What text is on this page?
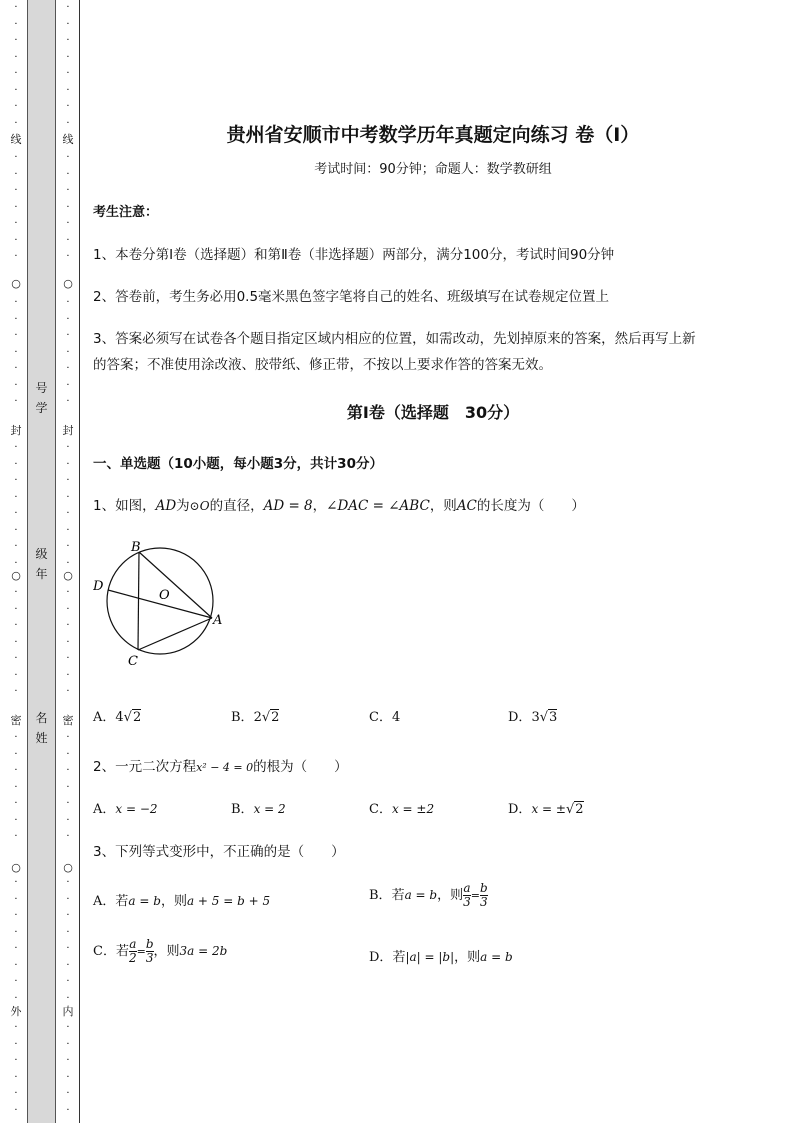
·
·
·
·
·
·
·
·
·
·
·
·
·
·
·
·
·
·
·
·
·
·
·
·
·
·
·
·
·
·
·
·
·
·
·
·
·
·
·
·
·
·
·
·
·
·
·
·
·
·
·
·
·
·
·
·
·
·
线
○
封
○
密
○
外
号
学
级
年
名
姓
·
·
·
·
·
·
·
·
·
·
·
·
·
·
·
·
·
·
·
·
·
·
·
·
·
·
·
·
·
·
·
·
·
·
·
·
·
·
·
·
·
·
·
·
·
·
·
·
·
·
·
·
·
·
·
·
·
·
线
○
封
○
密
○
内
贵州省安顺市中考数学历年真题定向练习 卷（Ⅰ）
考试时间：90分钟；命题人：数学教研组
考生注意：
1、本卷分第Ⅰ卷（选择题）和第Ⅱ卷（非选择题）两部分，满分100分，考试时间90分钟
2、答卷前，考生务必用0.5毫米黑色签字笔将自己的姓名、班级填写在试卷规定位置上
3、答案必须写在试卷各个题目指定区域内相应的位置，如需改动，先划掉原来的答案，然后再写上新
的答案；不准使用涂改液、胶带纸、修正带，不按以上要求作答的答案无效。
第Ⅰ卷（选择题　30分）
一、单选题（10小题，每小题3分，共计30分）
1、如图，AD为⊙O的直径，AD = 8，∠DAC = ∠ABC，则AC的长度为（　　）
B
D
O
A
C
A．4√2	B．2√2	C．4	D．3√3
2、一元二次方程x² − 4 = 0的根为（　　）
A．x = −2	B．x = 2	C．x = ±2	D．x = ±√2
3、下列等式变形中，不正确的是（　　）
A．若a = b，则a + 5 = b + 5	B．若a = b，则 $\frac{a}{3} = \frac{b}{3}$
C．若 $\frac{a}{2} = \frac{b}{3}$ ，则3a = 2b	D．若|a| = |b|，则a = b
